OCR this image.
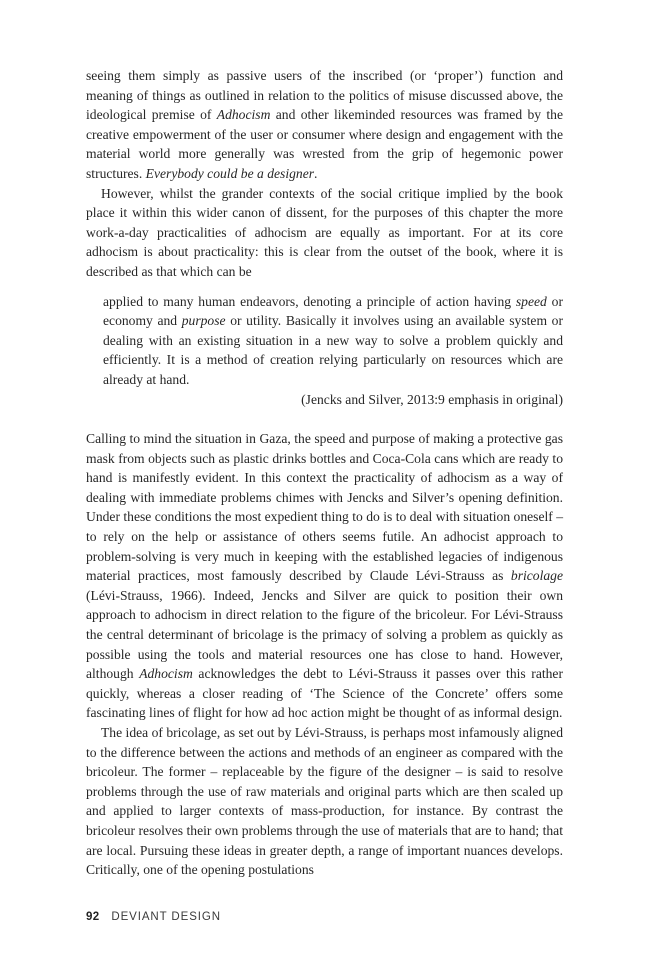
seeing them simply as passive users of the inscribed (or ‘proper’) function and meaning of things as outlined in relation to the politics of misuse discussed above, the ideological premise of Adhocism and other likeminded resources was framed by the creative empowerment of the user or consumer where design and engagement with the material world more generally was wrested from the grip of hegemonic power structures. Everybody could be a designer.

However, whilst the grander contexts of the social critique implied by the book place it within this wider canon of dissent, for the purposes of this chapter the more work-a-day practicalities of adhocism are equally as important. For at its core adhocism is about practicality: this is clear from the outset of the book, where it is described as that which can be

applied to many human endeavors, denoting a principle of action having speed or economy and purpose or utility. Basically it involves using an available system or dealing with an existing situation in a new way to solve a problem quickly and efficiently. It is a method of creation relying particularly on resources which are already at hand.

(Jencks and Silver, 2013:9 emphasis in original)

Calling to mind the situation in Gaza, the speed and purpose of making a protective gas mask from objects such as plastic drinks bottles and Coca-Cola cans which are ready to hand is manifestly evident. In this context the practicality of adhocism as a way of dealing with immediate problems chimes with Jencks and Silver’s opening definition. Under these conditions the most expedient thing to do is to deal with situation oneself – to rely on the help or assistance of others seems futile. An adhocist approach to problem-solving is very much in keeping with the established legacies of indigenous material practices, most famously described by Claude Lévi-Strauss as bricolage (Lévi-Strauss, 1966). Indeed, Jencks and Silver are quick to position their own approach to adhocism in direct relation to the figure of the bricoleur. For Lévi-Strauss the central determinant of bricolage is the primacy of solving a problem as quickly as possible using the tools and material resources one has close to hand. However, although Adhocism acknowledges the debt to Lévi-Strauss it passes over this rather quickly, whereas a closer reading of ‘The Science of the Concrete’ offers some fascinating lines of flight for how ad hoc action might be thought of as informal design.

The idea of bricolage, as set out by Lévi-Strauss, is perhaps most infamously aligned to the difference between the actions and methods of an engineer as compared with the bricoleur. The former – replaceable by the figure of the designer – is said to resolve problems through the use of raw materials and original parts which are then scaled up and applied to larger contexts of mass-production, for instance. By contrast the bricoleur resolves their own problems through the use of materials that are to hand; that are local. Pursuing these ideas in greater depth, a range of important nuances develops. Critically, one of the opening postulations

92 DEVIANT DESIGN
